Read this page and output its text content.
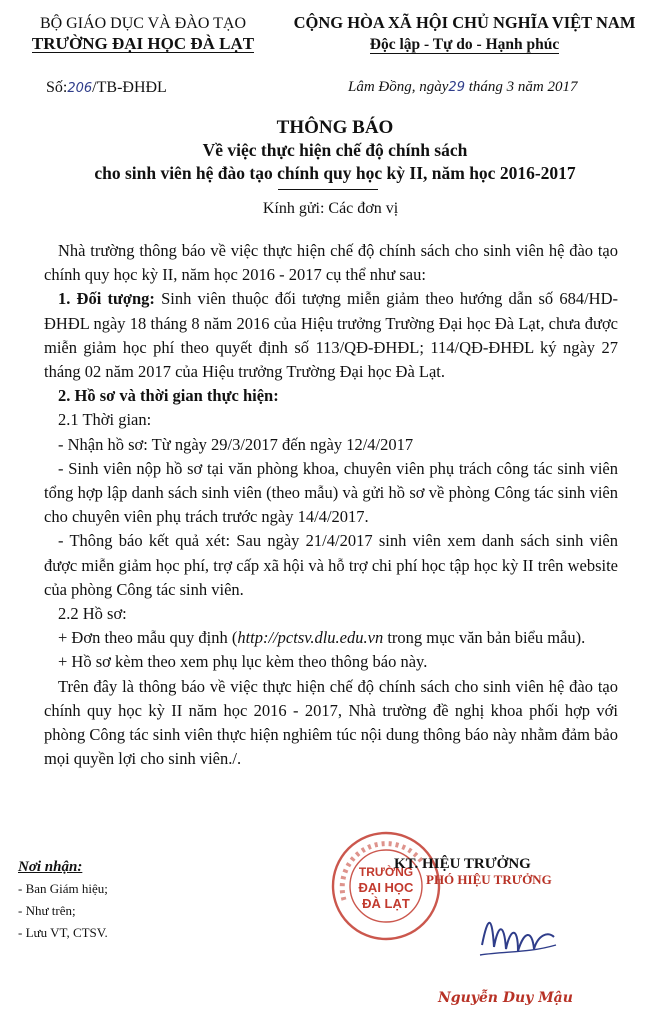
BỘ GIÁO DỤC VÀ ĐÀO TẠO
TRƯỜNG ĐẠI HỌC ĐÀ LẠT
CỘNG HÒA XÃ HỘI CHỦ NGHĨA VIỆT NAM
Độc lập - Tự do - Hạnh phúc
Số:206/TB-ĐHĐL	Lâm Đồng, ngày29 tháng 3 năm 2017
THÔNG BÁO
Về việc thực hiện chế độ chính sách
cho sinh viên hệ đào tạo chính quy học kỳ II, năm học 2016-2017
Kính gửi: Các đơn vị

Nhà trường thông báo về việc thực hiện chế độ chính sách cho sinh viên hệ đào tạo chính quy học kỳ II, năm học 2016 - 2017 cụ thể như sau:

1. Đối tượng: Sinh viên thuộc đối tượng miễn giảm theo hướng dẫn số 684/HD-ĐHĐL ngày 18 tháng 8 năm 2016 của Hiệu trưởng Trường Đại học Đà Lạt, chưa được miễn giảm học phí theo quyết định số 113/QĐ-ĐHĐL; 114/QĐ-ĐHĐL ký ngày 27 tháng 02 năm 2017 của Hiệu trưởng Trường Đại học Đà Lạt.

2. Hồ sơ và thời gian thực hiện:

2.1 Thời gian:

- Nhận hồ sơ: Từ ngày 29/3/2017 đến ngày 12/4/2017

- Sinh viên nộp hồ sơ tại văn phòng khoa, chuyên viên phụ trách công tác sinh viên tổng hợp lập danh sách sinh viên (theo mẫu) và gửi hồ sơ về phòng Công tác sinh viên cho chuyên viên phụ trách trước ngày 14/4/2017.

- Thông báo kết quả xét: Sau ngày 21/4/2017 sinh viên xem danh sách sinh viên được miễn giảm học phí, trợ cấp xã hội và hỗ trợ chi phí học tập học kỳ II trên website của phòng Công tác sinh viên.

2.2 Hồ sơ:

+ Đơn theo mẫu quy định (http://pctsv.dlu.edu.vn trong mục văn bản biểu mẫu).

+ Hồ sơ kèm theo xem phụ lục kèm theo thông báo này.

Trên đây là thông báo về việc thực hiện chế độ chính sách cho sinh viên hệ đào tạo chính quy học kỳ II năm học 2016 - 2017, Nhà trường đề nghị khoa phối hợp với phòng Công tác sinh viên thực hiện nghiêm túc nội dung thông báo này nhằm đảm bảo mọi quyền lợi cho sinh viên./.

Nơi nhận:
- Ban Giám hiệu;
- Như trên;
- Lưu VT, CTSV.
TRƯỜNG
ĐẠI HỌC
ĐÀ LẠT
KT. HIỆU TRƯỞNG
PHÓ HIỆU TRƯỞNG
Nguyễn Duy Mậu
